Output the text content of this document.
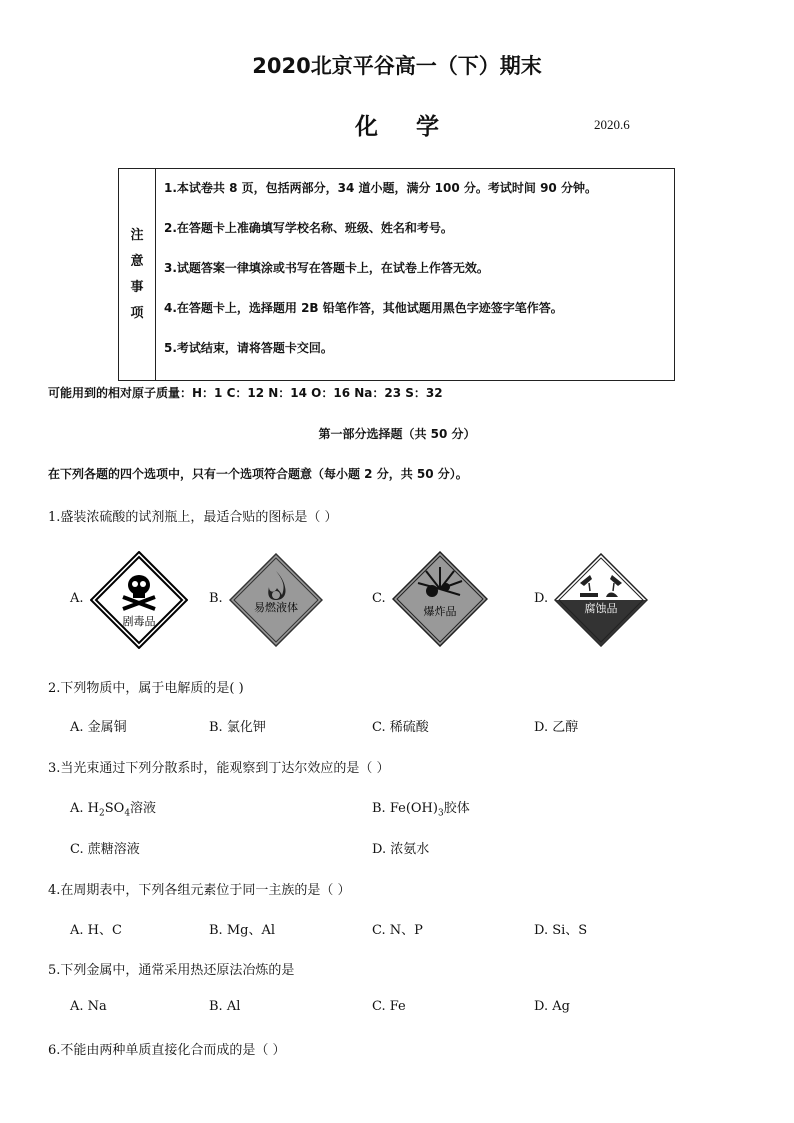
2020北京平谷高一（下）期末
化学	2020.6
注
意
事
项
1.本试卷共 8 页，包括两部分，34 道小题，满分 100 分。考试时间 90 分钟。
2.在答题卡上准确填写学校名称、班级、姓名和考号。
3.试题答案一律填涂或书写在答题卡上，在试卷上作答无效。
4.在答题卡上，选择题用 2B 铅笔作答，其他试题用黑色字迹签字笔作答。
5.考试结束，请将答题卡交回。
可能用到的相对原子质量：H：1 C：12 N：14 O：16 Na：23 S：32
第一部分选择题（共 50 分）
在下列各题的四个选项中，只有一个选项符合题意（每小题 2 分，共 50 分）。
1.盛装浓硫酸的试剂瓶上，最适合贴的图标是（ ）
A.
剧毒品
B.
易燃液体
C.
爆炸品
D.
腐蚀品
2.下列物质中，属于电解质的是( )
A. 金属铜	B. 氯化钾	C. 稀硫酸	D. 乙醇
3.当光束通过下列分散系时，能观察到丁达尔效应的是（ ）
A. $H_2SO_4$溶液	B. $Fe(OH)_3$胶体
C. 蔗糖溶液	D. 浓氨水
4.在周期表中，下列各组元素位于同一主族的是（ ）
A. H、C	B. Mg、Al	C. N、P	D. Si、S
5.下列金属中，通常采用热还原法冶炼的是
A. Na	B. Al	C. Fe	D. Ag
6.不能由两种单质直接化合而成的是（ ）
